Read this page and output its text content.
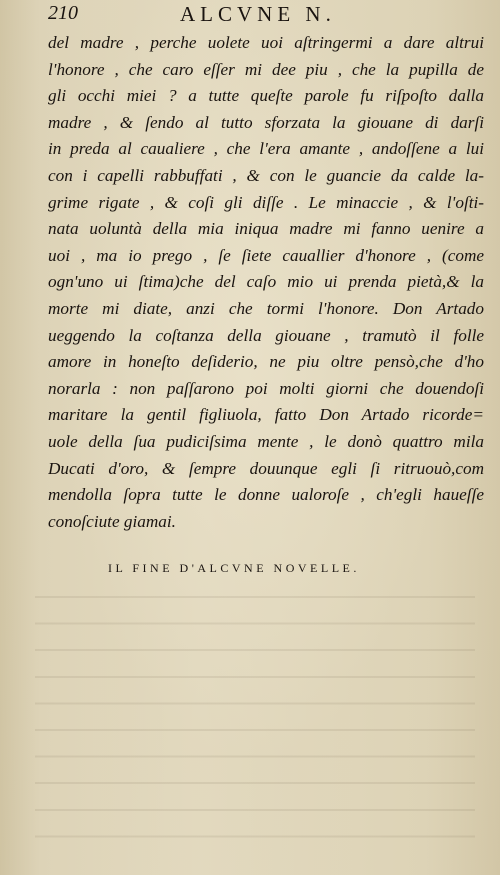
210	ALCVNE N.
del madre , perche uolete uoi aſtringermi a dare altrui
l'honore , che caro eſſer mi dee piu , che la pupilla de
gli occhi miei ? a tutte queſte parole fu riſpoſto dalla
madre , & ſendo al tutto sforzata la giouane di darſi
in preda al caualiere , che l'era amante , andoſſene a lui
con i capelli rabbuffati , & con le guancie da calde la-
grime rigate , & coſi gli diſſe . Le minaccie , & l'oſti-
nata uoluntà della mia iniqua madre mi fanno uenire a
uoi , ma io prego , ſe ſiete cauallier d'honore , (come
ogn'uno ui ſtima)che del caſo mio ui prenda pietà,& la
morte mi diate, anzi che tormi l'honore. Don Artado
ueggendo la coſtanza della giouane , tramutò il folle
amore in honeſto deſiderio, ne piu oltre pensò,che d'ho
norarla : non paſſarono poi molti giorni che douendoſi
maritare la gentil figliuola, fatto Don Artado ricorde=
uole della ſua pudiciſsima mente , le donò quattro mila
Ducati d'oro, & ſempre douunque egli ſi ritruouò,com
mendolla ſopra tutte le donne ualoroſe , ch'egli haueſſe
conoſciute giamai.
IL FINE D'ALCVNE NOVELLE.
